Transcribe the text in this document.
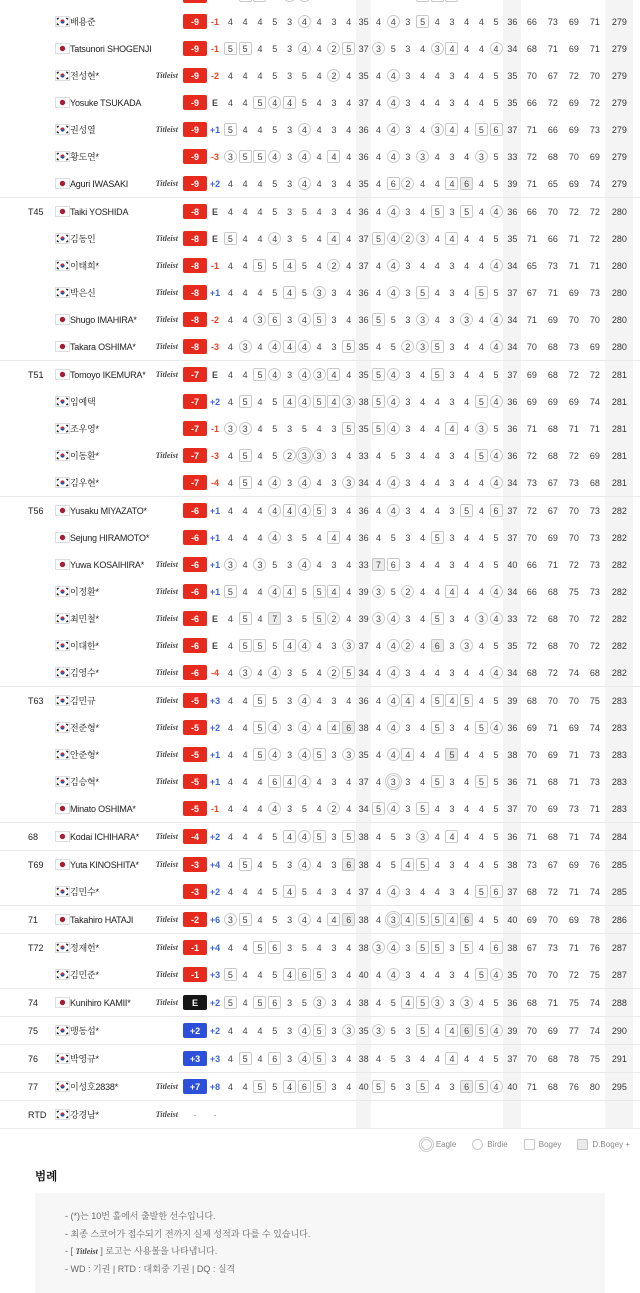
배용준	-9	-1 4	4	4	5	3	4	4	3	4 35 4	4	3	5	4	3	4	4	5 36	66	73	69	71	279
Tatsunori SHOGENJI	-9	-1 5	5	4	5	3	4	4	2	5 37 3	5	3	4	3	4	4	4	4 34	68	71	69	71	279
전성현*	Titleist	-9	-2 4	4	4	5	3	5	4	2	4 35 4	4	3	4	4	3	4	4	5 35	70	67	72	70	279
Yosuke TSUKADA	-9	E	4	4	5	4	4	5	4	3	4 37 4	4	3	4	4	3	4	4	5 35	66	72	69	72	279
권성열	Titleist	-9	+1 5	4	4	5	3	4	4	3	4 36 4	4	3	4	3	4	4	5	6 37	71	66	69	73	279
황도연*	-9	-3 3	5	5	4	3	4	4	4	4 36 4	4	3	3	4	3	4	3	5 33	72	68	70	69	279
Aguri IWASAKI	Titleist	-9	+2 4	4	4	5	3	4	4	3	4 35 4	6	2	4	4	4	6	4	5 39	71	65	69	74	279
T45	Taiki YOSHIDA	-8	E	4	4	4	5	3	5	4	3	4 36 4	4	3	4	5	3	5	4	4 36	66	70	72	72	280
김동인	Titleist	-8	E	5	4	4	4	3	5	4	4	4 37 5	4	2	3	4	4	4	4	5 35	71	66	71	72	280
이태희*	Titleist	-8	-1 4	4	5	5	4	5	4	2	4 37 4	4	3	4	4	3	4	4	4 34	65	73	71	71	280
박은신	Titleist	-8	+1 4	4	4	5	4	5	3	3	4 36 4	4	3	5	4	3	4	5	5 37	67	71	69	73	280
Shugo IMAHIRA*	Titleist	-8	-2 4	4	3	6	3	4	5	3	4 36 5	5	3	3	4	3	3	4	4 34	71	69	70	70	280
Takara OSHIMA*	Titleist	-8	-3 4	3	4	4	4	4	4	3	5 35 4	5	2	3	5	3	4	4	4 34	70	68	73	69	280
T51	Tomoyo IKEMURA*	Titleist	-7	E	4	4	5	4	3	4	3	4	4 35 5	4	3	4	5	3	4	4	5 37	69	68	72	72	281
임예택	-7	+2 4	5	4	5	4	4	5	4	3 38 5	4	3	4	4	3	4	5	4 36	69	69	69	74	281
조우영*	-7	-1 3	3	4	5	3	5	4	3	5 35 5	4	3	4	4	4	4	3	5 36	71	68	71	71	281
이동환*	Titleist	-7	-3 4	5	4	5	2	3	3	3	4 33 4	5	3	4	4	3	4	5	4 36	72	68	72	69	281
김우현*	-7	-4 4	5	4	4	3	4	4	3	3 34 4	4	3	4	4	3	4	4	4 34	73	67	73	68	281
T56	Yusaku MIYAZATO*	-6	+1 4	4	4	4	4	4	5	3	4 36 4	4	3	4	4	3	5	4	6 37	72	67	70	73	282
Sejung HIRAMOTO*	-6	+1 4	4	4	4	3	5	4	4	4 36 4	5	3	4	5	3	4	4	5 37	70	69	70	73	282
Yuwa KOSAIHIRA*	Titleist	-6	+1 3	4	3	5	3	4	4	3	4 33 7	6	3	4	4	3	4	4	5 40	66	71	72	73	282
이정환*	Titleist	-6	+1 5	4	4	4	4	5	5	4	4 39 3	5	2	4	4	4	4	4	4 34	66	68	75	73	282
최민철*	Titleist	-6	E	4	5	4	7	3	5	5	2	4 39 3	4	3	4	5	3	4	3	4 33	72	68	70	72	282
이대한*	Titleist	-6	E	4	5	5	5	4	4	4	3	3 37 4	4	2	4	6	3	3	4	5 35	72	68	70	72	282
김영수*	Titleist	-6	-4 4	3	4	4	3	5	4	2	5 34 4	4	3	4	4	3	4	4	4 34	68	72	74	68	282
T63	김민규	Titleist	-5	+3 4	4	5	5	3	4	4	3	4 36 4	4	4	4	5	4	5	4	5 39	68	70	70	75	283
전준형*	Titleist	-5	+2 4	4	5	4	3	4	4	4	6 38 4	4	3	4	5	3	4	5	4 36	69	71	69	74	283
안준형*	Titleist	-5	+1 4	4	5	4	3	4	5	3	3 35 4	4	4	4	4	5	4	4	5 38	70	69	71	73	283
김승혁*	Titleist	-5	+1 4	4	4	6	4	4	4	3	4 37 4	3	3	4	5	3	4	5	5 36	71	68	71	73	283
Minato OSHIMA*	-5	-1 4	4	4	4	3	5	4	2	4 34 5	4	3	5	4	3	4	4	5 37	70	69	73	71	283
68	Kodai ICHIHARA*	Titleist	-4	+2 4	4	4	5	4	4	5	3	5 38 4	5	3	3	4	4	4	4	5 36	71	68	71	74	284
T69	Yuta KINOSHITA*	Titleist	-3	+4 4	5	4	5	3	4	4	3	6 38 4	5	4	5	4	3	4	4	5 38	73	67	69	76	285
김민수*	-3	+2 4	4	4	5	4	5	4	3	4 37 4	4	3	4	4	3	4	5	6 37	68	72	71	74	285
71	Takahiro HATAJI	Titleist	-2	+6 3	5	4	5	3	4	4	4	6 38 4	3	4	5	5	4	6	4	5 40	69	70	69	78	286
T72	정재헌*	Titleist	-1	+4 4	4	5	6	3	5	4	3	4 38 3	4	3	5	5	3	5	4	6 38	67	73	71	76	287
김민준*	Titleist	-1	+3 5	4	4	5	4	6	5	3	4 40 4	4	3	4	4	3	4	5	4 35	70	70	72	75	287
74	Kunihiro KAMII*	Titleist	E	+2 5	4	5	6	3	5	3	3	4 38 4	5	4	5	3	3	3	4	5 36	68	71	75	74	288
75	맹동섭*	+2	+2 4	4	4	5	3	4	5	3	3 35 3	5	3	5	4	4	6	5	4 39	70	69	77	74	290
76	박영규*	+3	+3 4	5	4	6	3	4	5	3	4 38 4	5	3	4	4	4	4	4	5 37	70	68	78	75	291
77	이성호2838*	Titleist	+7	+8 4	4	5	5	4	6	5	3	4 40 5	5	3	5	4	3	6	5	4 40	71	68	76	80	295
RTD	강경남*	Titleist -	-
Eagle	Birdie	Bogey	D.Bogey +
범례
- (*)는 10번 홀에서 출발한 선수입니다.
- 최종 스코어가 접수되기 전까지 실제 성적과 다를 수 있습니다.
- [ Titleist ] 로고는 사용볼을 나타냅니다.
- WD : 기권 | RTD : 대회중 기권 | DQ : 실격
